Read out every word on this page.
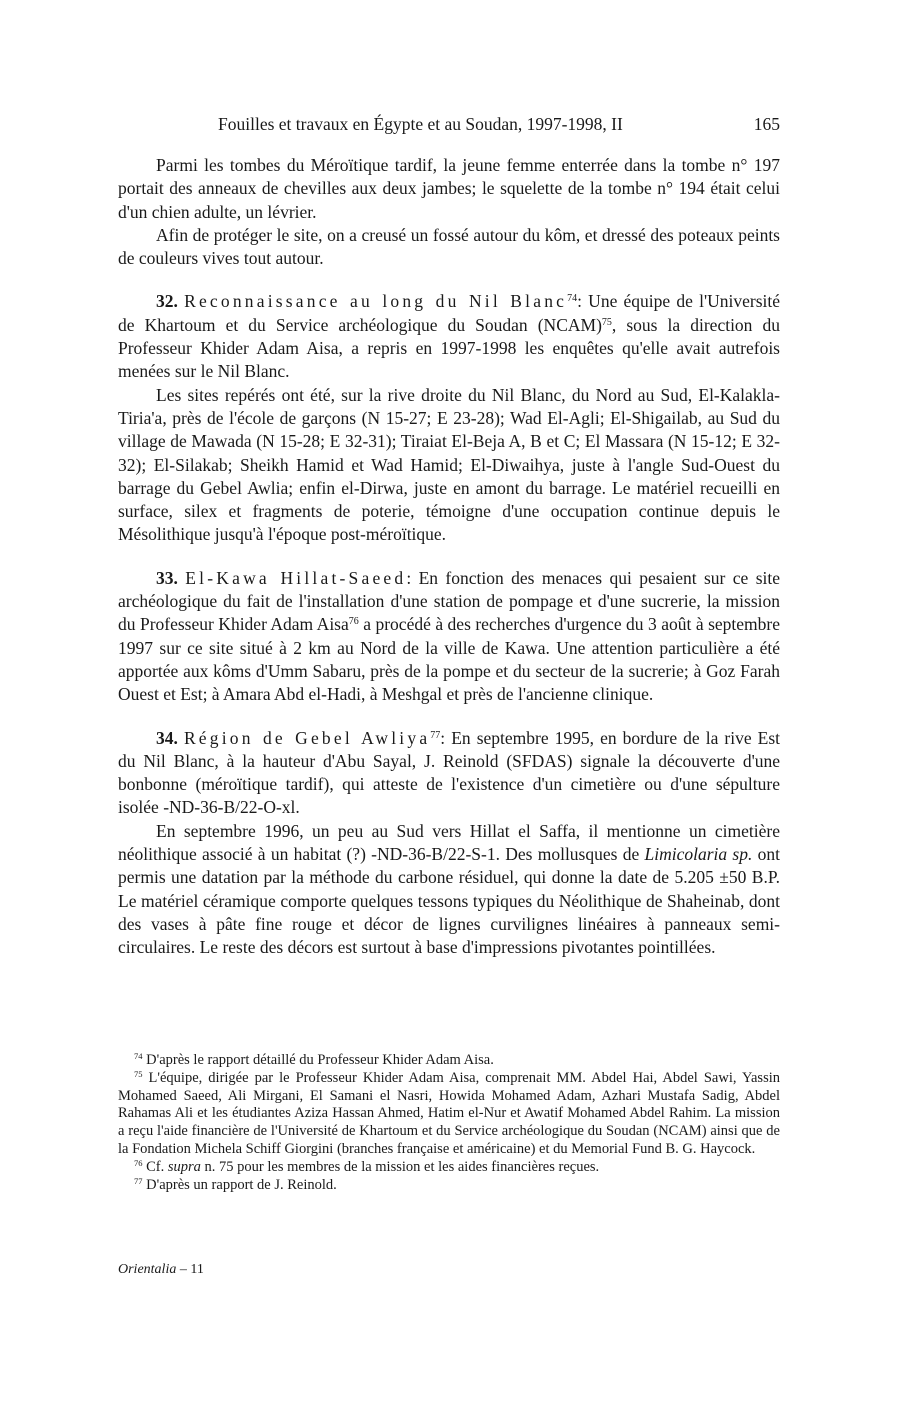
Fouilles et travaux en Égypte et au Soudan, 1997-1998, II	165

Parmi les tombes du Méroïtique tardif, la jeune femme enterrée dans la tombe n° 197 portait des anneaux de chevilles aux deux jambes; le squelette de la tombe n° 194 était celui d'un chien adulte, un lévrier.

Afin de protéger le site, on a creusé un fossé autour du kôm, et dressé des poteaux peints de couleurs vives tout autour.

32. Reconnaissance au long du Nil Blanc$^{74}$: Une équipe de l'Université de Khartoum et du Service archéologique du Soudan (NCAM)$^{75}$, sous la direction du Professeur Khider Adam Aisa, a repris en 1997-1998 les enquêtes qu'elle avait autrefois menées sur le Nil Blanc.

Les sites repérés ont été, sur la rive droite du Nil Blanc, du Nord au Sud, El-Kalakla-Tiria'a, près de l'école de garçons (N 15-27; E 23-28); Wad El-Agli; El-Shigailab, au Sud du village de Mawada (N 15-28; E 32-31); Tiraiat El-Beja A, B et C; El Massara (N 15-12; E 32-32); El-Silakab; Sheikh Hamid et Wad Hamid; El-Diwaihya, juste à l'angle Sud-Ouest du barrage du Gebel Awlia; enfin el-Dirwa, juste en amont du barrage. Le matériel recueilli en surface, silex et fragments de poterie, témoigne d'une occupation continue depuis le Mésolithique jusqu'à l'époque post-méroïtique.

33. El-Kawa Hillat-Saeed: En fonction des menaces qui pesaient sur ce site archéologique du fait de l'installation d'une station de pompage et d'une sucrerie, la mission du Professeur Khider Adam Aisa$^{76}$ a procédé à des recherches d'urgence du 3 août à septembre 1997 sur ce site situé à 2 km au Nord de la ville de Kawa. Une attention particulière a été apportée aux kôms d'Umm Sabaru, près de la pompe et du secteur de la sucrerie; à Goz Farah Ouest et Est; à Amara Abd el-Hadi, à Meshgal et près de l'ancienne clinique.

34. Région de Gebel Awliya$^{77}$: En septembre 1995, en bordure de la rive Est du Nil Blanc, à la hauteur d'Abu Sayal, J. Reinold (SFDAS) signale la découverte d'une bonbonne (méroïtique tardif), qui atteste de l'existence d'un cimetière ou d'une sépulture isolée -ND-36-B/22-O-xl.

En septembre 1996, un peu au Sud vers Hillat el Saffa, il mentionne un cimetière néolithique associé à un habitat (?) -ND-36-B/22-S-1. Des mollusques de Limicolaria sp. ont permis une datation par la méthode du carbone résiduel, qui donne la date de 5.205 ±50 B.P. Le matériel céramique comporte quelques tessons typiques du Néolithique de Shaheinab, dont des vases à pâte fine rouge et décor de lignes curvilignes linéaires à panneaux semi-circulaires. Le reste des décors est surtout à base d'impressions pivotantes pointillées.

$^{74}$ D'après le rapport détaillé du Professeur Khider Adam Aisa.

$^{75}$ L'équipe, dirigée par le Professeur Khider Adam Aisa, comprenait MM. Abdel Hai, Abdel Sawi, Yassin Mohamed Saeed, Ali Mirgani, El Samani el Nasri, Howida Mohamed Adam, Azhari Mustafa Sadig, Abdel Rahamas Ali et les étudiantes Aziza Hassan Ahmed, Hatim el-Nur et Awatif Mohamed Abdel Rahim. La mission a reçu l'aide financière de l'Université de Khartoum et du Service archéologique du Soudan (NCAM) ainsi que de la Fondation Michela Schiff Giorgini (branches française et américaine) et du Memorial Fund B. G. Haycock.

$^{76}$ Cf. supra n. 75 pour les membres de la mission et les aides financières reçues.

$^{77}$ D'après un rapport de J. Reinold.

Orientalia – 11
